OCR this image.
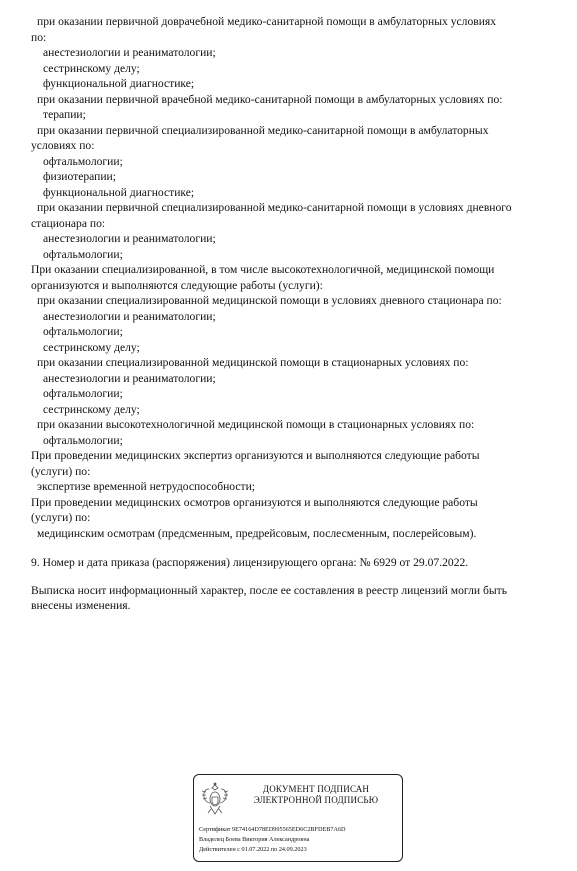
при оказании первичной доврачебной медико-санитарной помощи в амбулаторных условиях

по:

анестезиологии и реаниматологии;

сестринскому делу;

функциональной диагностике;

при оказании первичной врачебной медико-санитарной помощи в амбулаторных условиях по:

терапии;

при оказании первичной специализированной медико-санитарной помощи в амбулаторных

условиях по:

офтальмологии;

физиотерапии;

функциональной диагностике;

при оказании первичной специализированной медико-санитарной помощи в условиях дневного

стационара по:

анестезиологии и реаниматологии;

офтальмологии;

При оказании специализированной, в том числе высокотехнологичной, медицинской помощи

организуются и выполняются следующие работы (услуги):

при оказании специализированной медицинской помощи в условиях дневного стационара по:

анестезиологии и реаниматологии;

офтальмологии;

сестринскому делу;

при оказании специализированной медицинской помощи в стационарных условиях по:

анестезиологии и реаниматологии;

офтальмологии;

сестринскому делу;

при оказании высокотехнологичной медицинской помощи в стационарных условиях по:

офтальмологии;

При проведении медицинских экспертиз организуются и выполняются следующие работы

(услуги) по:

экспертизе временной нетрудоспособности;

При проведении медицинских осмотров организуются и выполняются следующие работы

(услуги) по:

медицинским осмотрам (предсменным, предрейсовым, послесменным, послерейсовым).

9. Номер и дата приказа (распоряжения) лицензирующего органа: № 6929 от 29.07.2022.

Выписка носит информационный характер, после ее составления в реестр лицензий могли быть

внесены изменения.

ДОКУМЕНТ ПОДПИСАН
ЭЛЕКТРОННОЙ ПОДПИСЬЮ
Сертификат 9E74164D78ED995565ED6C2BFDEB7A6D
Владелец Боева Виктория Александровна
Действителен с 01.07.2022 по 24.09.2023
